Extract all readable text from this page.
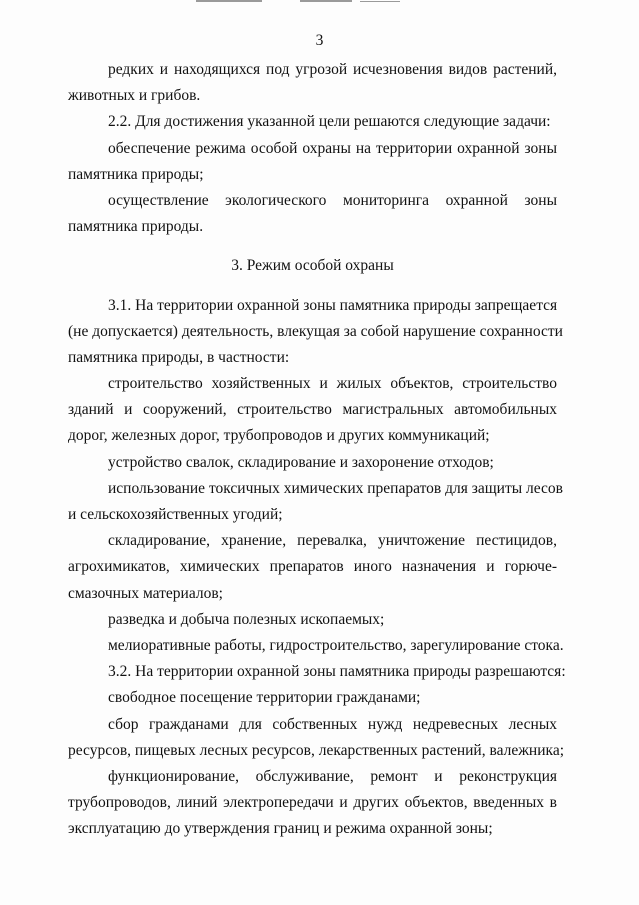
3
редких и находящихся под угрозой исчезновения видов растений,
животных и грибов.
2.2. Для достижения указанной цели решаются следующие задачи:
обеспечение режима особой охраны на территории охранной зоны
памятника природы;
осуществление экологического мониторинга охранной зоны
памятника природы.
3. Режим особой охраны
3.1. На территории охранной зоны памятника природы запрещается
(не допускается) деятельность, влекущая за собой нарушение сохранности
памятника природы, в частности:
строительство хозяйственных и жилых объектов, строительство
зданий и сооружений, строительство магистральных автомобильных
дорог, железных дорог, трубопроводов и других коммуникаций;
устройство свалок, складирование и захоронение отходов;
использование токсичных химических препаратов для защиты лесов
и сельскохозяйственных угодий;
складирование, хранение, перевалка, уничтожение пестицидов,
агрохимикатов, химических препаратов иного назначения и горюче-
смазочных материалов;
разведка и добыча полезных ископаемых;
мелиоративные работы, гидростроительство, зарегулирование стока.
3.2. На территории охранной зоны памятника природы разрешаются:
свободное посещение территории гражданами;
сбор гражданами для собственных нужд недревесных лесных
ресурсов, пищевых лесных ресурсов, лекарственных растений, валежника;
функционирование, обслуживание, ремонт и реконструкция
трубопроводов, линий электропередачи и других объектов, введенных в
эксплуатацию до утверждения границ и режима охранной зоны;
